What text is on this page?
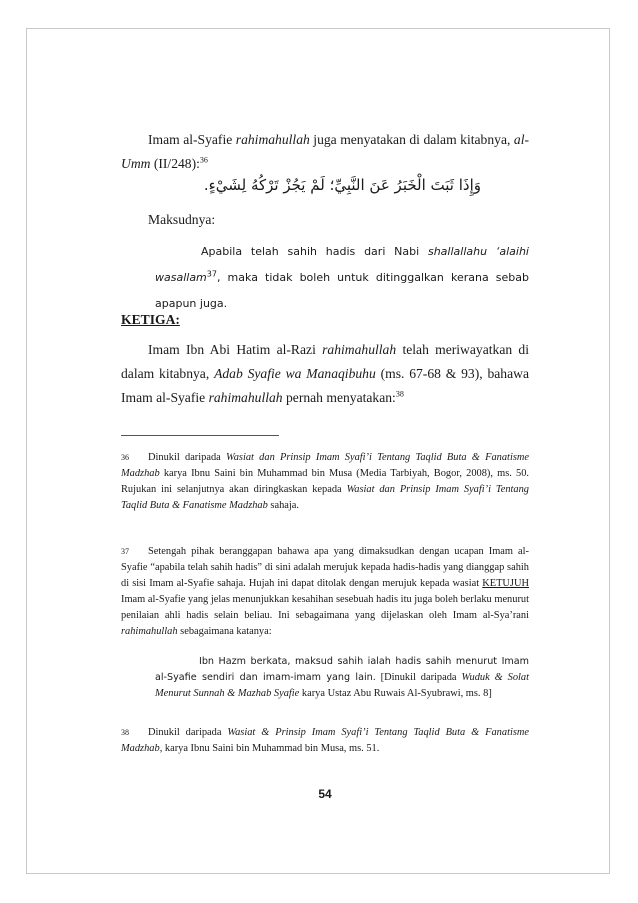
Imam al-Syafie rahimahullah juga menyatakan di dalam kitabnya, al-Umm (II/248):$^{36}$

وَإِذَا ثَبَتَ الْخَبَرُ عَنَ النَّبِيِّ؛ لَمْ يَجُزْ تَرْكُهُ لِشَيْءٍ.
Maksudnya:
Apabila telah sahih hadis dari Nabi shallallahu ‘alaihi wasallam$^{37}$, maka tidak boleh untuk ditinggalkan kerana sebab apapun juga.
KETIGA:

Imam Ibn Abi Hatim al-Razi rahimahullah telah meriwayatkan di dalam kitabnya, Adab Syafie wa Manaqibuhu (ms. 67-68 & 93), bahawa Imam al-Syafie rahimahullah pernah menyatakan:$^{38}$

36 Dinukil daripada Wasiat dan Prinsip Imam Syafi’i Tentang Taqlid Buta & Fanatisme Madzhab karya Ibnu Saini bin Muhammad bin Musa (Media Tarbiyah, Bogor, 2008), ms. 50. Rujukan ini selanjutnya akan diringkaskan kepada Wasiat dan Prinsip Imam Syafi’i Tentang Taqlid Buta & Fanatisme Madzhab sahaja.

37 Setengah pihak beranggapan bahawa apa yang dimaksudkan dengan ucapan Imam al-Syafie “apabila telah sahih hadis” di sini adalah merujuk kepada hadis-hadis yang dianggap sahih di sisi Imam al-Syafie sahaja. Hujah ini dapat ditolak dengan merujuk kepada wasiat KETUJUH Imam al-Syafie yang jelas menunjukkan kesahihan sesebuah hadis itu juga boleh berlaku menurut penilaian ahli hadis selain beliau. Ini sebagaimana yang dijelaskan oleh Imam al-Sya’rani rahimahullah sebagaimana katanya:

Ibn Hazm berkata, maksud sahih ialah hadis sahih menurut Imam al-Syafie sendiri dan imam-imam yang lain. [Dinukil daripada Wuduk & Solat Menurut Sunnah & Mazhab Syafie karya Ustaz Abu Ruwais Al-Syubrawi, ms. 8]

38 Dinukil daripada Wasiat & Prinsip Imam Syafi’i Tentang Taqlid Buta & Fanatisme Madzhab, karya Ibnu Saini bin Muhammad bin Musa, ms. 51.

54
